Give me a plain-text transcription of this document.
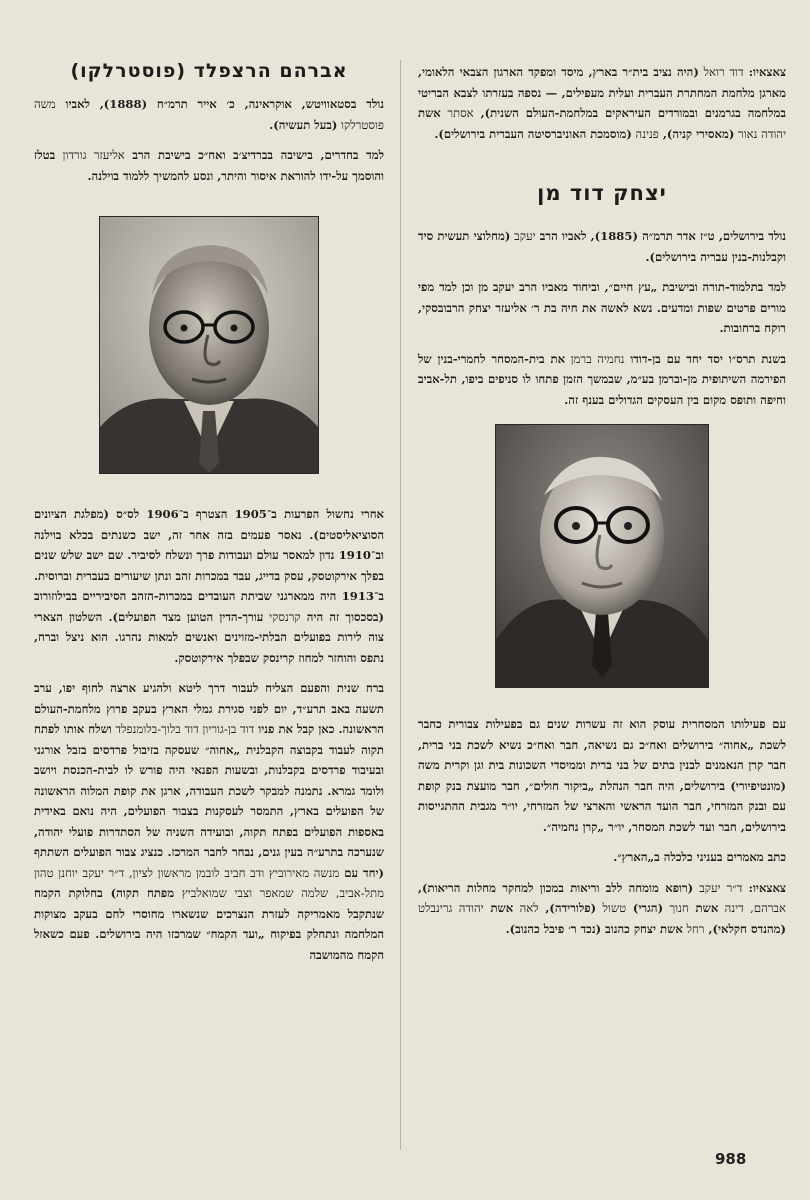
צאצאיו: דוד רואל (היה נציב בית״ר בארץ, מיסד ומפקד הארגון הצבאי הלאומי, מארגן מלחמת המחתרת העברית ועלית מעפילים, — נספה בעזרתו לצבא הבריטי במלחמה בגרמנים ובמורדים העיראקים במלחמת-העולם השנית), אסתר אשת יהודה נאור (מאסירי קניה), פנינה (מוסמכת האוניברסיטה העברית בירושלים).

יצחק דוד מן

נולד בירושלים, ט״ז אדר תרמ״ה (1885), לאביו הרב יעקב (מחלוצי תעשית סיד וקבלנות-בנין עבריה בירושלים).

למד בתלמוד-תורה ובישיבת „עץ חיים״, וביחוד מאביו הרב יעקב מן וכן למד מפי מורים פרטים שפות ומדעים. נשא לאשה את חיה בת ר׳ אליעזר יצחק הרבובסקי, רוקח ברחובות.

בשנת תרס״ו יסד יחד עם בן-דודו נחמיה ברמן את בית-המסחר לחמרי-בנין של הפירמה השיתופית מן-וברמן בע״מ, שבמשך הזמן פתחו לו סניפים ביפו, תל-אביב וחיפה ותופס מקום בין העסקים הגדולים בענף זה.

עם פעילותו המסחרית עוסק הוא זה עשרות שנים גם בפעילות צבורית כחבר לשכת „אחוה״ בירושלים ואח״כ גם נשיאה, חבר ואח״כ נשיא לשכת בני ברית, חבר קרן הנאמנים לבנין בתים של בני ברית וממיסדי השכונות בית וגן וקרית משה (מונטיפיורי) בירושלים, היה חבר הנהלת „ביקור חולים״, חבר מועצת בנק קופת עם ובנק המזרחי, חבר הועד הראשי והארצי של המזרחי, יו״ר מגבית ההתגייסות בירושלים, חבר ועד לשכת המסחר, יו״ר „קרן נחמיה״.

כתב מאמרים בעניני כלכלה ב„הארץ״.

צאצאיו: ד״ר יעקב (רופא מומחה ללב וריאות במכון למחקר מחלות הריאות), אברהם, דינה אשת חנוך (הגרי) טשול (פלורידה), לאה אשת יהודה גרינבלט (מהנדס חקלאי), רחל אשת יצחק כהנוב (נכד ר׳ פיבל כהנוב).

אברהם הרצפלד (פוסטרלקו)

נולד בסטאוויטש, אוקראינה, כ׳ אייר תרמ״ח (1888), לאביו משה פוסטרלקו (בעל תעשיה).

למד בחדרים, בישיבה בברדיצ׳ב ואח״כ בישיבת הרב אליעזר גורדון בטלז והוסמך על-ידו להוראת איסור והיתר, ונסע להמשיך ללמוד בוילנה.

אחרי נחשול הפרעות ב־1905 הצטרף ב־1906 לס״ס (מפלגת הציונים הסוציאליסטים). נאסר פעמים בזה אחר זה, ישב כשנתים בכלא בוילנה וב־1910 נדון למאסר עולם ועבודות פרך ונשלח לסיביר. שם ישב שלש שנים בפלך אירקוטסק, עסק בדייג, עבד במכרות זהב ונתן שיעורים בעברית וברוסית. ב־1913 היה ממארגני שביתת העובדים במכרות-הזהב הסיביריים בבילוזורוב (בסכסוך זה היה קרנסקי עורך-הדין הטוען מצד הפועלים). השלטון הצארי צוה לירות בפועלים הבלתי-מזוינים ואנשים למאות נהרגו. הוא ניצל וברח, נתפס והוחזר למחוז קרינסק שבפלך אירקוטסק.

ברח שנית והפעם הצליח לעבור דרך ליטא ולהגיע ארצה לחוף יפו, ערב תשעה באב תרע״ד, יום לפני סגירת גמלי הארץ בעקב פרוץ מלחמת-העולם הראשונה. כאן קבל את פניו דוד בן-גוריון דוד בלוך-בלומנפלד ושלח אותו לפתח תקוה לעבוד בקבוצה הקבלנית „אחוה״ שעסקה בזיבול פרדסים בזבל אורגני ובעיבוד פרדסים בקבלנות, ובשעות הפנאי היה פורש לו לבית-הכנסת ויושב ולומד גמרא. נתמנה למבקר לשכת העבודה, ארגן את קופת המלוה הראשונה של הפועלים בארץ, התמסר לעסקנות בצבור הפועלים, היה נואם באידית באספות הפועלים בפתח תקוה, ובועידה השניה של הסתדרות פועלי יהודה, שנערכה בתרע״ה בעין גנים, נבחר לחבר המרכז. כנציג צבור הפועלים השתתף (יחד עם מנשה מאירוביץ ודב חביב לובמן מראשון לציון, ד״ר יעקב יוחנן טהון מתל-אביב, שלמה שמאפר וצבי שמואלביץ מפתח תקוה) בחלוקת הקמח שנתקבל מאמריקה לעזרת הנצרכים שנשארו מחוסרי לחם בעקב מצוקות המלחמה ונתחלק בפיקוח „ועד הקמח״ שמרכזו היה בירושלים. פעם כשאזל הקמח מהמושבה

988
